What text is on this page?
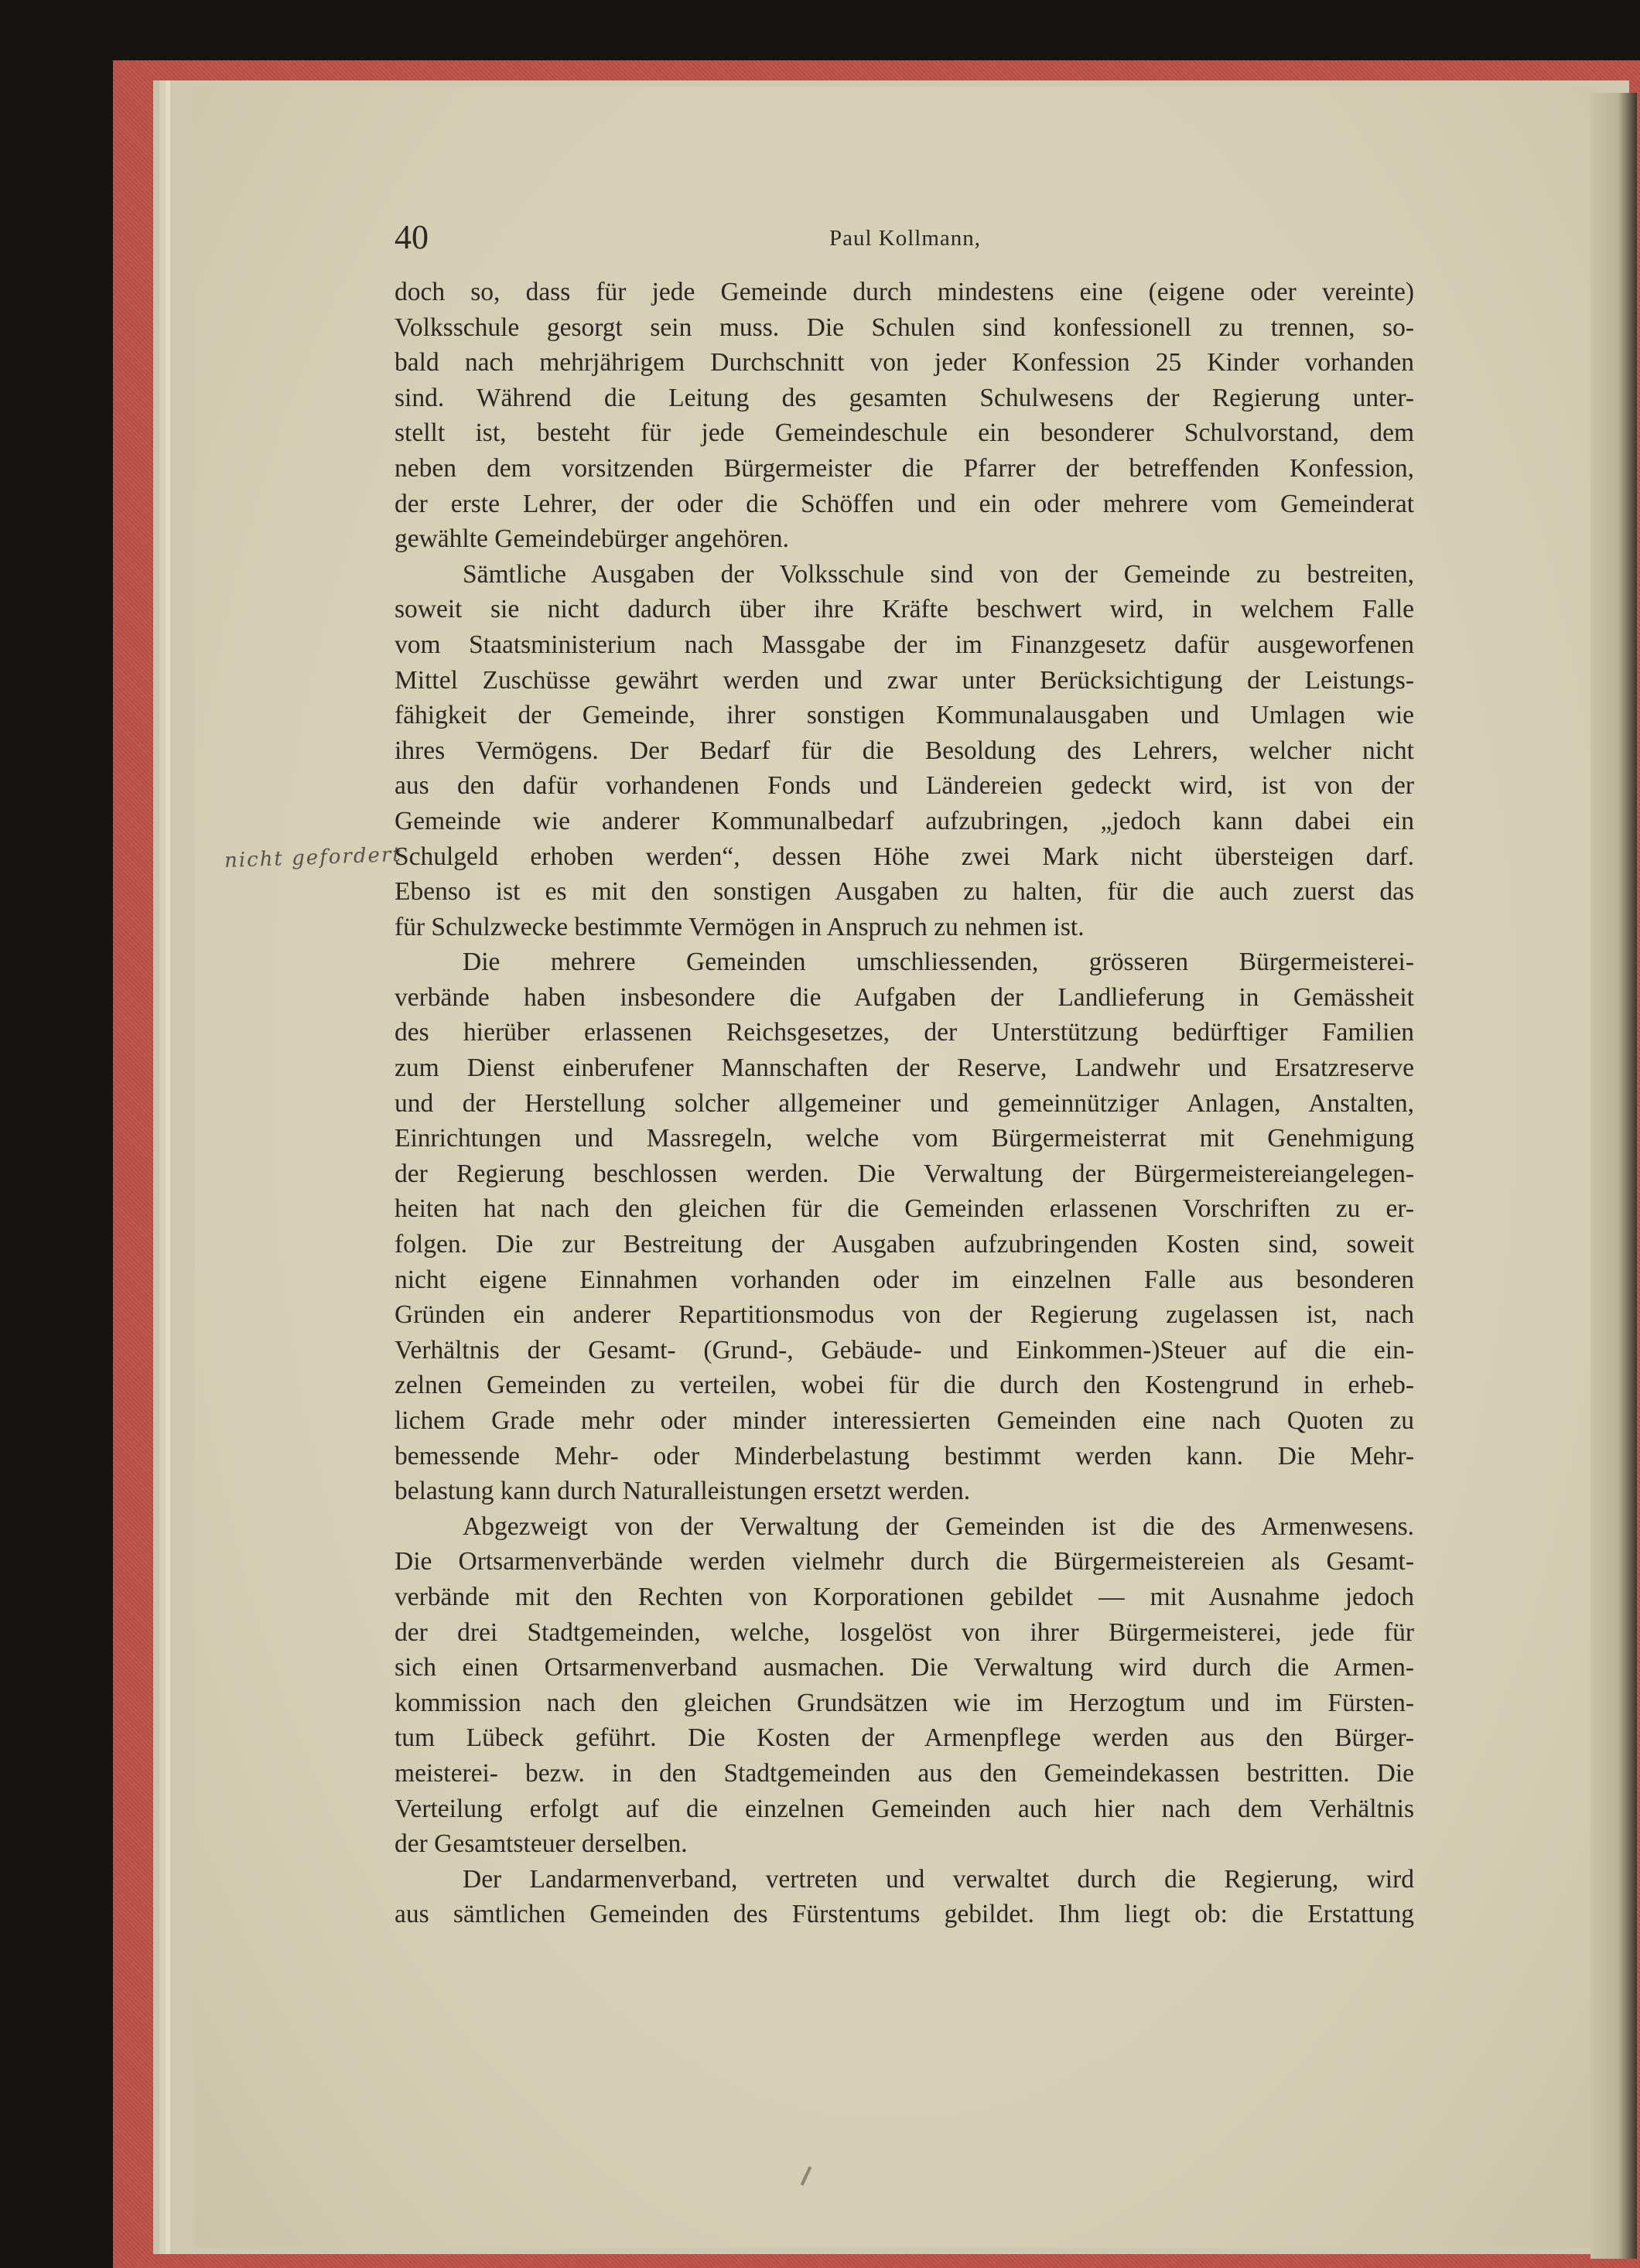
40	Paul Kollmann,
nicht gefordert
doch so, dass für jede Gemeinde durch mindestens eine (eigene oder vereinte)
Volksschule gesorgt sein muss. Die Schulen sind konfessionell zu trennen, so-
bald nach mehrjährigem Durchschnitt von jeder Konfession 25 Kinder vorhanden
sind. Während die Leitung des gesamten Schulwesens der Regierung unter-
stellt ist, besteht für jede Gemeindeschule ein besonderer Schulvorstand, dem
neben dem vorsitzenden Bürgermeister die Pfarrer der betreffenden Konfession,
der erste Lehrer, der oder die Schöffen und ein oder mehrere vom Gemeinderat
gewählte Gemeindebürger angehören.
Sämtliche Ausgaben der Volksschule sind von der Gemeinde zu bestreiten,
soweit sie nicht dadurch über ihre Kräfte beschwert wird, in welchem Falle
vom Staatsministerium nach Massgabe der im Finanzgesetz dafür ausgeworfenen
Mittel Zuschüsse gewährt werden und zwar unter Berücksichtigung der Leistungs-
fähigkeit der Gemeinde, ihrer sonstigen Kommunalausgaben und Umlagen wie
ihres Vermögens. Der Bedarf für die Besoldung des Lehrers, welcher nicht
aus den dafür vorhandenen Fonds und Ländereien gedeckt wird, ist von der
Gemeinde wie anderer Kommunalbedarf aufzubringen, „jedoch kann dabei ein
Schulgeld erhoben werden“, dessen Höhe zwei Mark nicht übersteigen darf.
Ebenso ist es mit den sonstigen Ausgaben zu halten, für die auch zuerst das
für Schulzwecke bestimmte Vermögen in Anspruch zu nehmen ist.
Die mehrere Gemeinden umschliessenden, grösseren Bürgermeisterei-
verbände haben insbesondere die Aufgaben der Landlieferung in Gemässheit
des hierüber erlassenen Reichsgesetzes, der Unterstützung bedürftiger Familien
zum Dienst einberufener Mannschaften der Reserve, Landwehr und Ersatzreserve
und der Herstellung solcher allgemeiner und gemeinnütziger Anlagen, Anstalten,
Einrichtungen und Massregeln, welche vom Bürgermeisterrat mit Genehmigung
der Regierung beschlossen werden. Die Verwaltung der Bürgermeistereiangelegen-
heiten hat nach den gleichen für die Gemeinden erlassenen Vorschriften zu er-
folgen. Die zur Bestreitung der Ausgaben aufzubringenden Kosten sind, soweit
nicht eigene Einnahmen vorhanden oder im einzelnen Falle aus besonderen
Gründen ein anderer Repartitionsmodus von der Regierung zugelassen ist, nach
Verhältnis der Gesamt- (Grund-, Gebäude- und Einkommen-)Steuer auf die ein-
zelnen Gemeinden zu verteilen, wobei für die durch den Kostengrund in erheb-
lichem Grade mehr oder minder interessierten Gemeinden eine nach Quoten zu
bemessende Mehr- oder Minderbelastung bestimmt werden kann. Die Mehr-
belastung kann durch Naturalleistungen ersetzt werden.
Abgezweigt von der Verwaltung der Gemeinden ist die des Armenwesens.
Die Ortsarmenverbände werden vielmehr durch die Bürgermeistereien als Gesamt-
verbände mit den Rechten von Korporationen gebildet — mit Ausnahme jedoch
der drei Stadtgemeinden, welche, losgelöst von ihrer Bürgermeisterei, jede für
sich einen Ortsarmenverband ausmachen. Die Verwaltung wird durch die Armen-
kommission nach den gleichen Grundsätzen wie im Herzogtum und im Fürsten-
tum Lübeck geführt. Die Kosten der Armenpflege werden aus den Bürger-
meisterei- bezw. in den Stadtgemeinden aus den Gemeindekassen bestritten. Die
Verteilung erfolgt auf die einzelnen Gemeinden auch hier nach dem Verhältnis
der Gesamtsteuer derselben.
Der Landarmenverband, vertreten und verwaltet durch die Regierung, wird
aus sämtlichen Gemeinden des Fürstentums gebildet. Ihm liegt ob: die Erstattung
